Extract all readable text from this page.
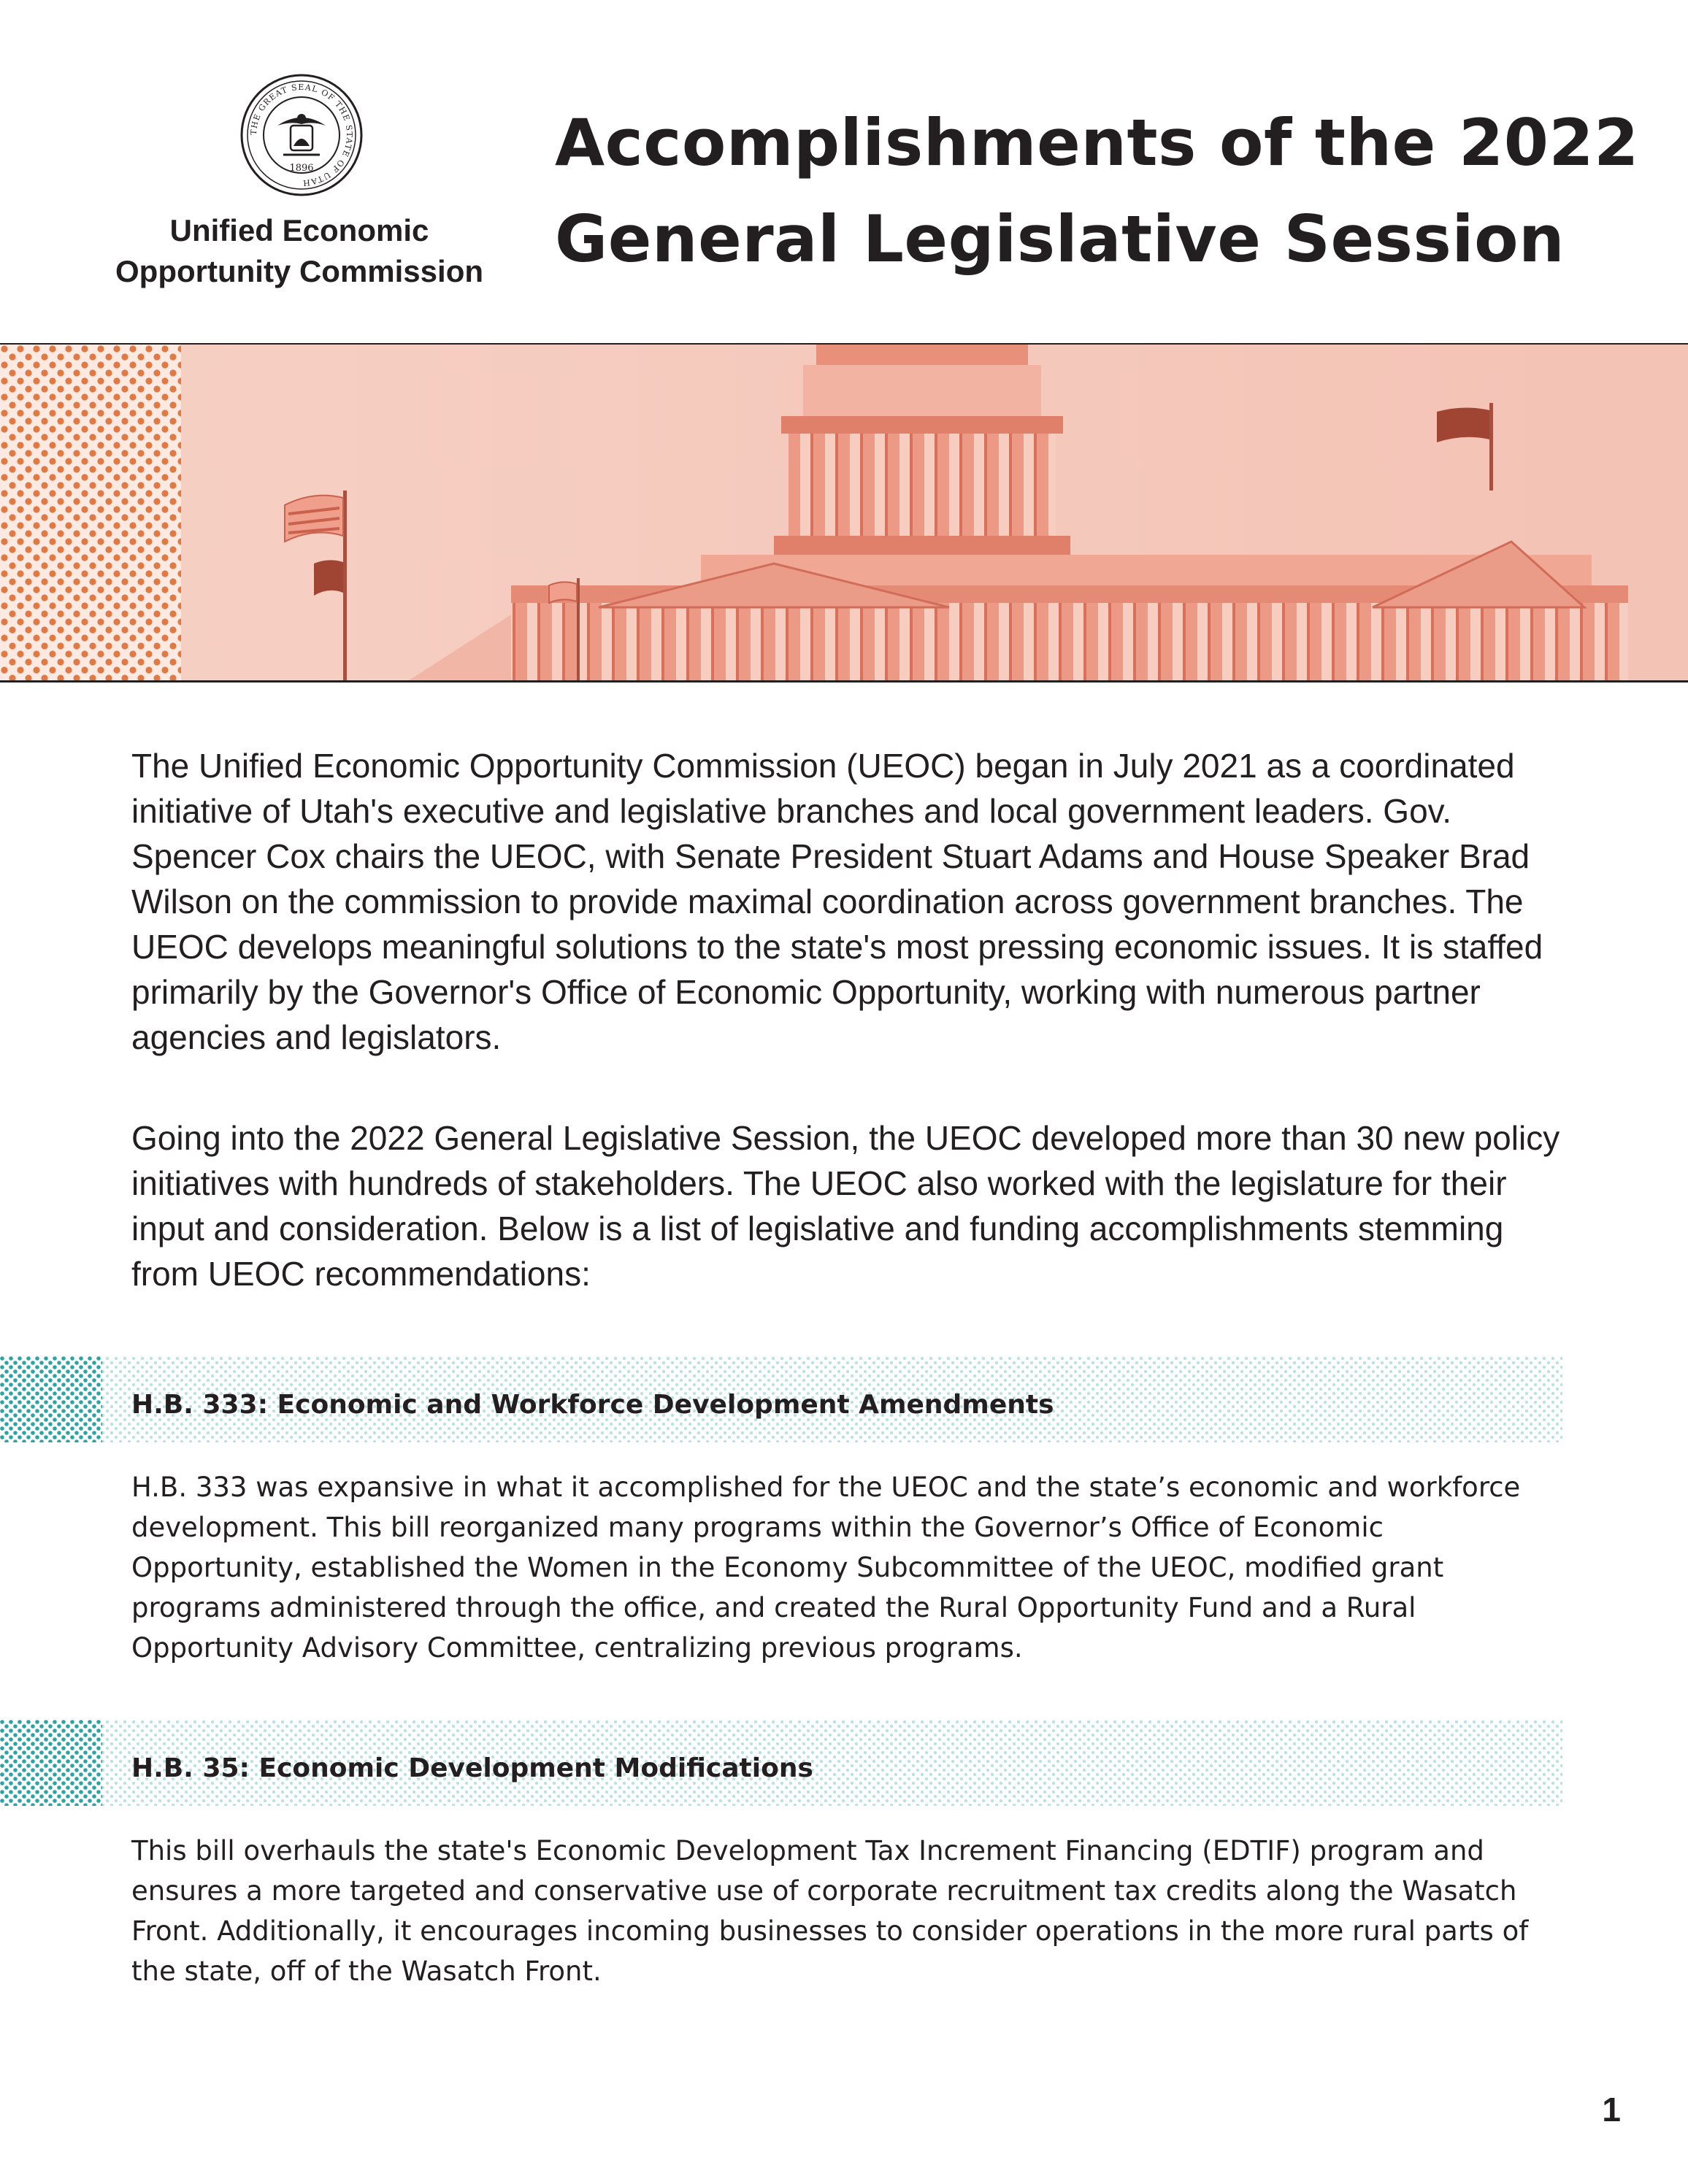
THE GREAT SEAL OF THE STATE OF UTAH
1896
Unified Economic
Opportunity Commission
Accomplishments of the 2022
General Legislative Session

The Unified Economic Opportunity Commission (UEOC) began in July 2021 as a coordinated initiative of Utah's executive and legislative branches and local government leaders. Gov. Spencer Cox chairs the UEOC, with Senate President Stuart Adams and House Speaker Brad Wilson on the commission to provide maximal coordination across government branches. The UEOC develops meaningful solutions to the state's most pressing economic issues. It is staffed primarily by the Governor's Office of Economic Opportunity, working with numerous partner agencies and legislators.

Going into the 2022 General Legislative Session, the UEOC developed more than 30 new policy initiatives with hundreds of stakeholders. The UEOC also worked with the legislature for their input and consideration. Below is a list of legislative and funding accomplishments stemming from UEOC recommendations:

H.B. 333: Economic and Workforce Development Amendments

H.B. 333 was expansive in what it accomplished for the UEOC and the state’s economic and workforce development. This bill reorganized many programs within the Governor’s Office of Economic Opportunity, established the Women in the Economy Subcommittee of the UEOC, modified grant programs administered through the office, and created the Rural Opportunity Fund and a Rural Opportunity Advisory Committee, centralizing previous programs.

H.B. 35: Economic Development Modifications

This bill overhauls the state's Economic Development Tax Increment Financing (EDTIF) program and ensures a more targeted and conservative use of corporate recruitment tax credits along the Wasatch Front. Additionally, it encourages incoming businesses to consider operations in the more rural parts of the state, off of the Wasatch Front.

1
